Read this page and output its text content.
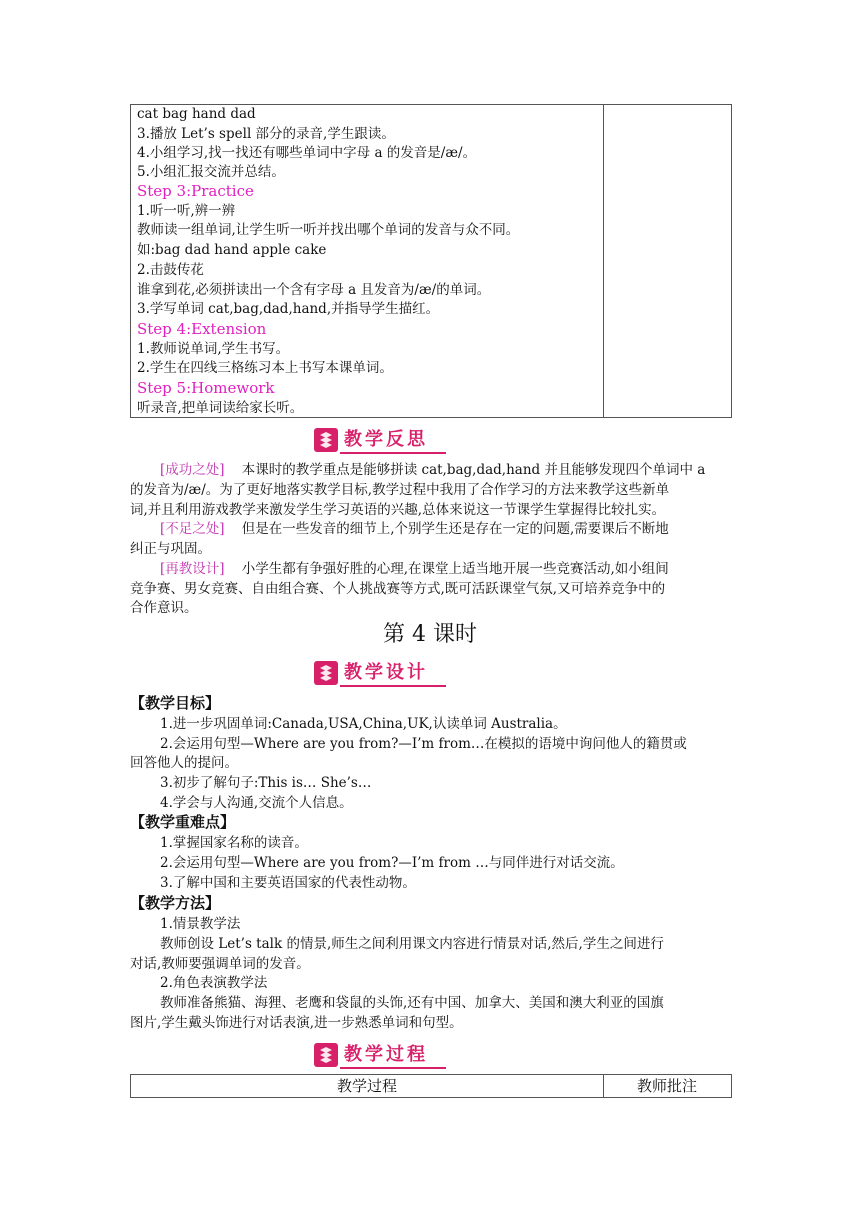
cat bag hand dad
3.播放 Let’s spell 部分的录音,学生跟读。
4.小组学习,找一找还有哪些单词中字母 a 的发音是/æ/。
5.小组汇报交流并总结。
Step 3:Practice
1.听一听,辨一辨
教师读一组单词,让学生听一听并找出哪个单词的发音与众不同。
如:bag dad hand apple cake
2.击鼓传花
谁拿到花,必须拼读出一个含有字母 a 且发音为/æ/的单词。
3.学写单词 cat,bag,dad,hand,并指导学生描红。
Step 4:Extension
1.教师说单词,学生书写。
2.学生在四线三格练习本上书写本课单词。
Step 5:Homework
听录音,把单词读给家长听。
教学反思
[成功之处] 本课时的教学重点是能够拼读 cat,bag,dad,hand 并且能够发现四个单词中 a
的发音为/æ/。为了更好地落实教学目标,教学过程中我用了合作学习的方法来教学这些新单
词,并且利用游戏教学来激发学生学习英语的兴趣,总体来说这一节课学生掌握得比较扎实。
[不足之处] 但是在一些发音的细节上,个别学生还是存在一定的问题,需要课后不断地
纠正与巩固。
[再教设计] 小学生都有争强好胜的心理,在课堂上适当地开展一些竞赛活动,如小组间
竞争赛、男女竞赛、自由组合赛、个人挑战赛等方式,既可活跃课堂气氛,又可培养竞争中的
合作意识。
第 4 课时
教学设计
【教学目标】
1.进一步巩固单词:Canada,USA,China,UK,认读单词 Australia。
2.会运用句型—Where are you from?—I’m from…在模拟的语境中询问他人的籍贯或
回答他人的提问。
3.初步了解句子:This is… She’s…
4.学会与人沟通,交流个人信息。
【教学重难点】
1.掌握国家名称的读音。
2.会运用句型—Where are you from?—I’m from …与同伴进行对话交流。
3.了解中国和主要英语国家的代表性动物。
【教学方法】
1.情景教学法
教师创设 Let’s talk 的情景,师生之间利用课文内容进行情景对话,然后,学生之间进行
对话,教师要强调单词的发音。
2.角色表演教学法
教师准备熊猫、海狸、老鹰和袋鼠的头饰,还有中国、加拿大、美国和澳大利亚的国旗
图片,学生戴头饰进行对话表演,进一步熟悉单词和句型。
教学过程
教学过程	教师批注
